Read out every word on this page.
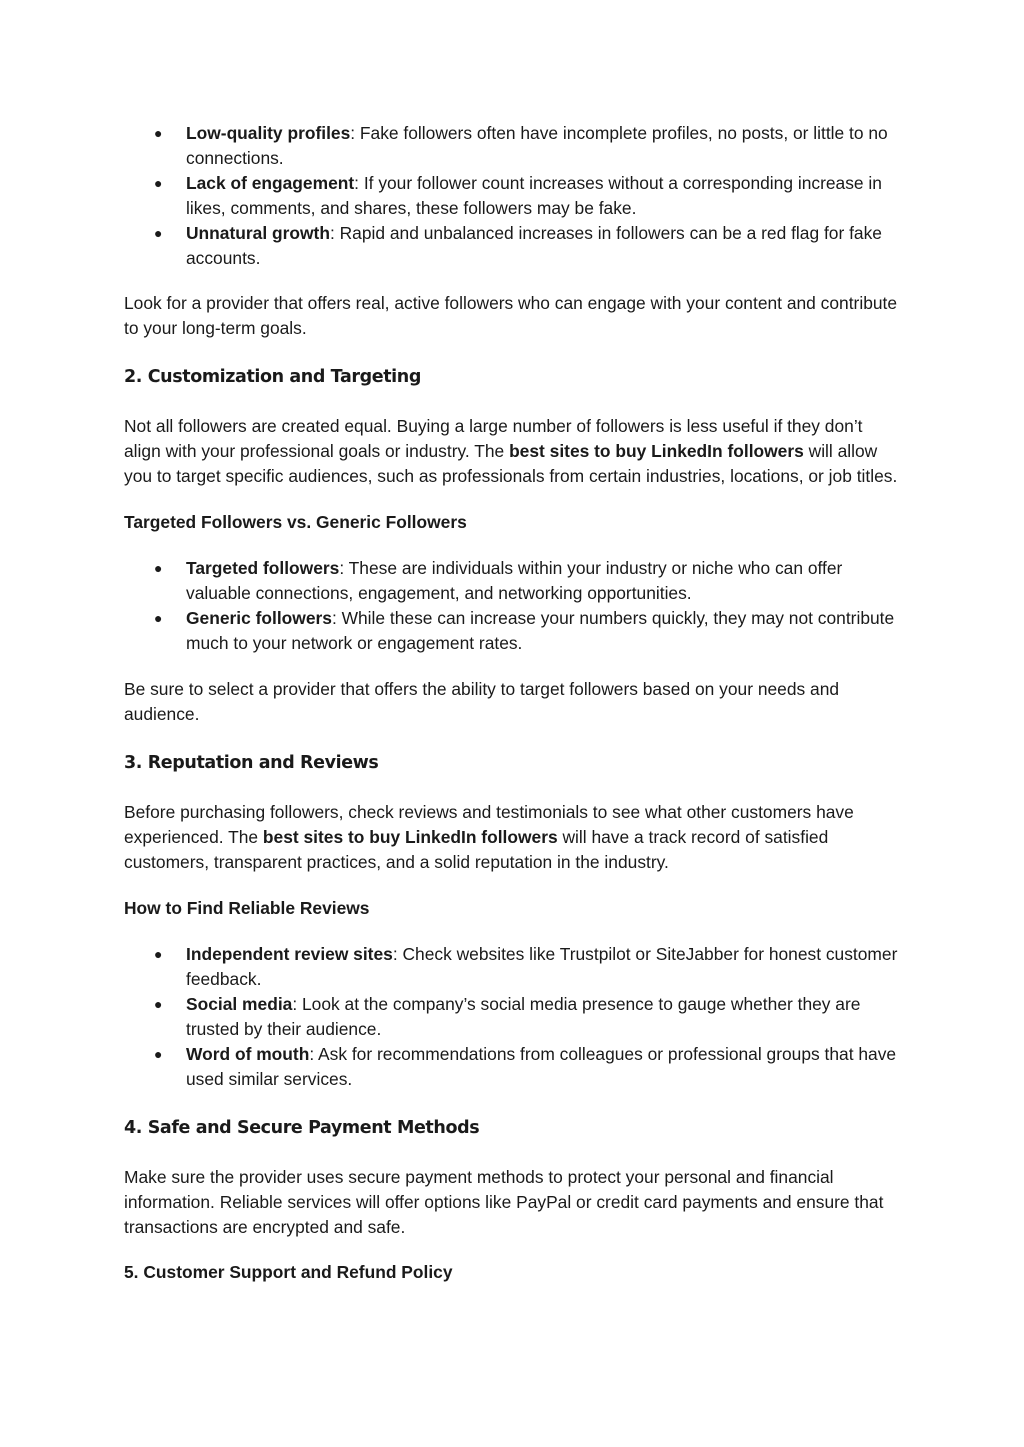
● Low-quality profiles: Fake followers often have incomplete profiles, no posts, or little to no connections.
● Lack of engagement: If your follower count increases without a corresponding increase in likes, comments, and shares, these followers may be fake.
● Unnatural growth: Rapid and unbalanced increases in followers can be a red flag for fake accounts.

Look for a provider that offers real, active followers who can engage with your content and contribute to your long-term goals.

2. Customization and Targeting

Not all followers are created equal. Buying a large number of followers is less useful if they don’t align with your professional goals or industry. The best sites to buy LinkedIn followers will allow you to target specific audiences, such as professionals from certain industries, locations, or job titles.

Targeted Followers vs. Generic Followers
● Targeted followers: These are individuals within your industry or niche who can offer valuable connections, engagement, and networking opportunities.
● Generic followers: While these can increase your numbers quickly, they may not contribute much to your network or engagement rates.

Be sure to select a provider that offers the ability to target followers based on your needs and audience.

3. Reputation and Reviews

Before purchasing followers, check reviews and testimonials to see what other customers have experienced. The best sites to buy LinkedIn followers will have a track record of satisfied customers, transparent practices, and a solid reputation in the industry.

How to Find Reliable Reviews
● Independent review sites: Check websites like Trustpilot or SiteJabber for honest customer feedback.
● Social media: Look at the company’s social media presence to gauge whether they are trusted by their audience.
● Word of mouth: Ask for recommendations from colleagues or professional groups that have used similar services.
4. Safe and Secure Payment Methods

Make sure the provider uses secure payment methods to protect your personal and financial information. Reliable services will offer options like PayPal or credit card payments and ensure that transactions are encrypted and safe.

5. Customer Support and Refund Policy
